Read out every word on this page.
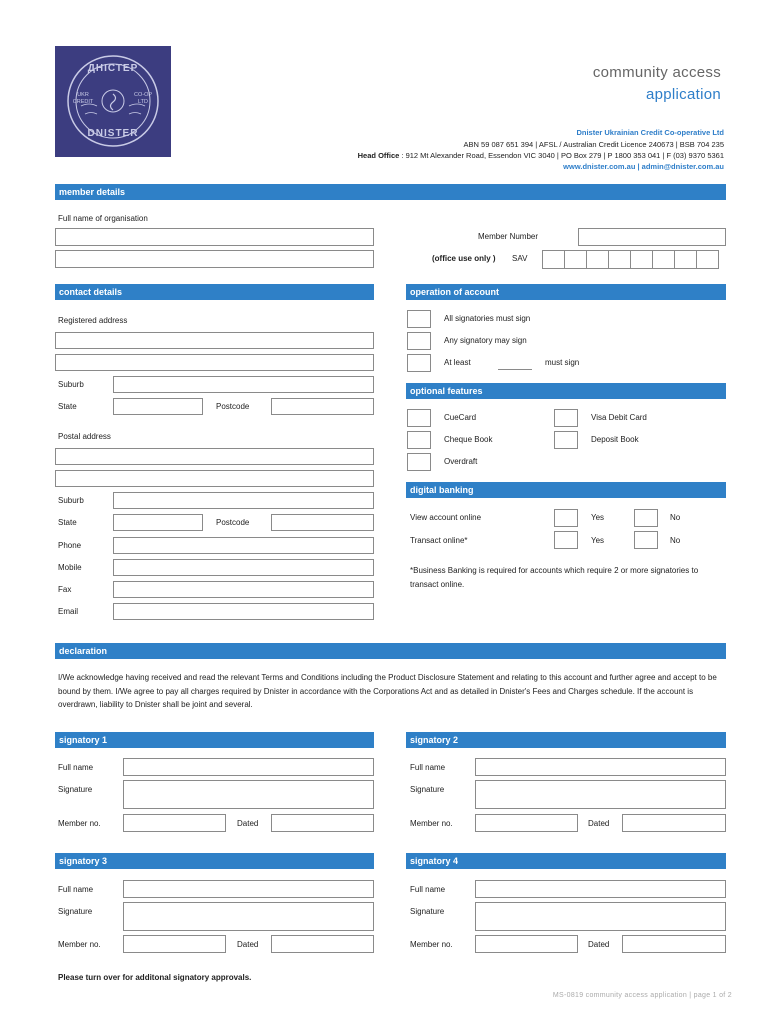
ДНІСТЕР
DNISTER
UKR CREDIT
CO-OP LTD
community access
application
Dnister Ukrainian Credit Co-operative Ltd
ABN 59 087 651 394 | AFSL / Australian Credit Licence 240673 | BSB 704 235
Head Office : 912 Mt Alexander Road, Essendon VIC 3040 | PO Box 279 | P 1800 353 041 | F (03) 9370 5361
www.dnister.com.au | admin@dnister.com.au
member details
Full name of organisation
Member Number
(office use only ) SAV
contact details
Registered address
Suburb
State	Postcode
Postal address
Suburb
State	Postcode
Phone
Mobile
Fax
Email
operation of account
All signatories must sign
Any signatory may sign
At least	must sign
optional features
CueCard	Visa Debit Card
Cheque Book	Deposit Book
Overdraft
digital banking
View account online	Yes	No
Transact online*	Yes	No
*Business Banking is required for accounts which require 2 or more signatories to transact online.
declaration
I/We acknowledge having received and read the relevant Terms and Conditions including the Product Disclosure Statement and relating to this account and further agree and accept to be bound by them. I/We agree to pay all charges required by Dnister in accordance with the Corporations Act and as detailed in Dnister's Fees and Charges schedule. If the account is overdrawn, liability to Dnister shall be joint and several.
signatory 1
Full name
Signature
Member no.	Dated
signatory 2
Full name
Signature
Member no.	Dated
signatory 3
Full name
Signature
Member no.	Dated
signatory 4
Full name
Signature
Member no.	Dated
Please turn over for additonal signatory approvals.
MS-0819 community access application | page 1 of 2
